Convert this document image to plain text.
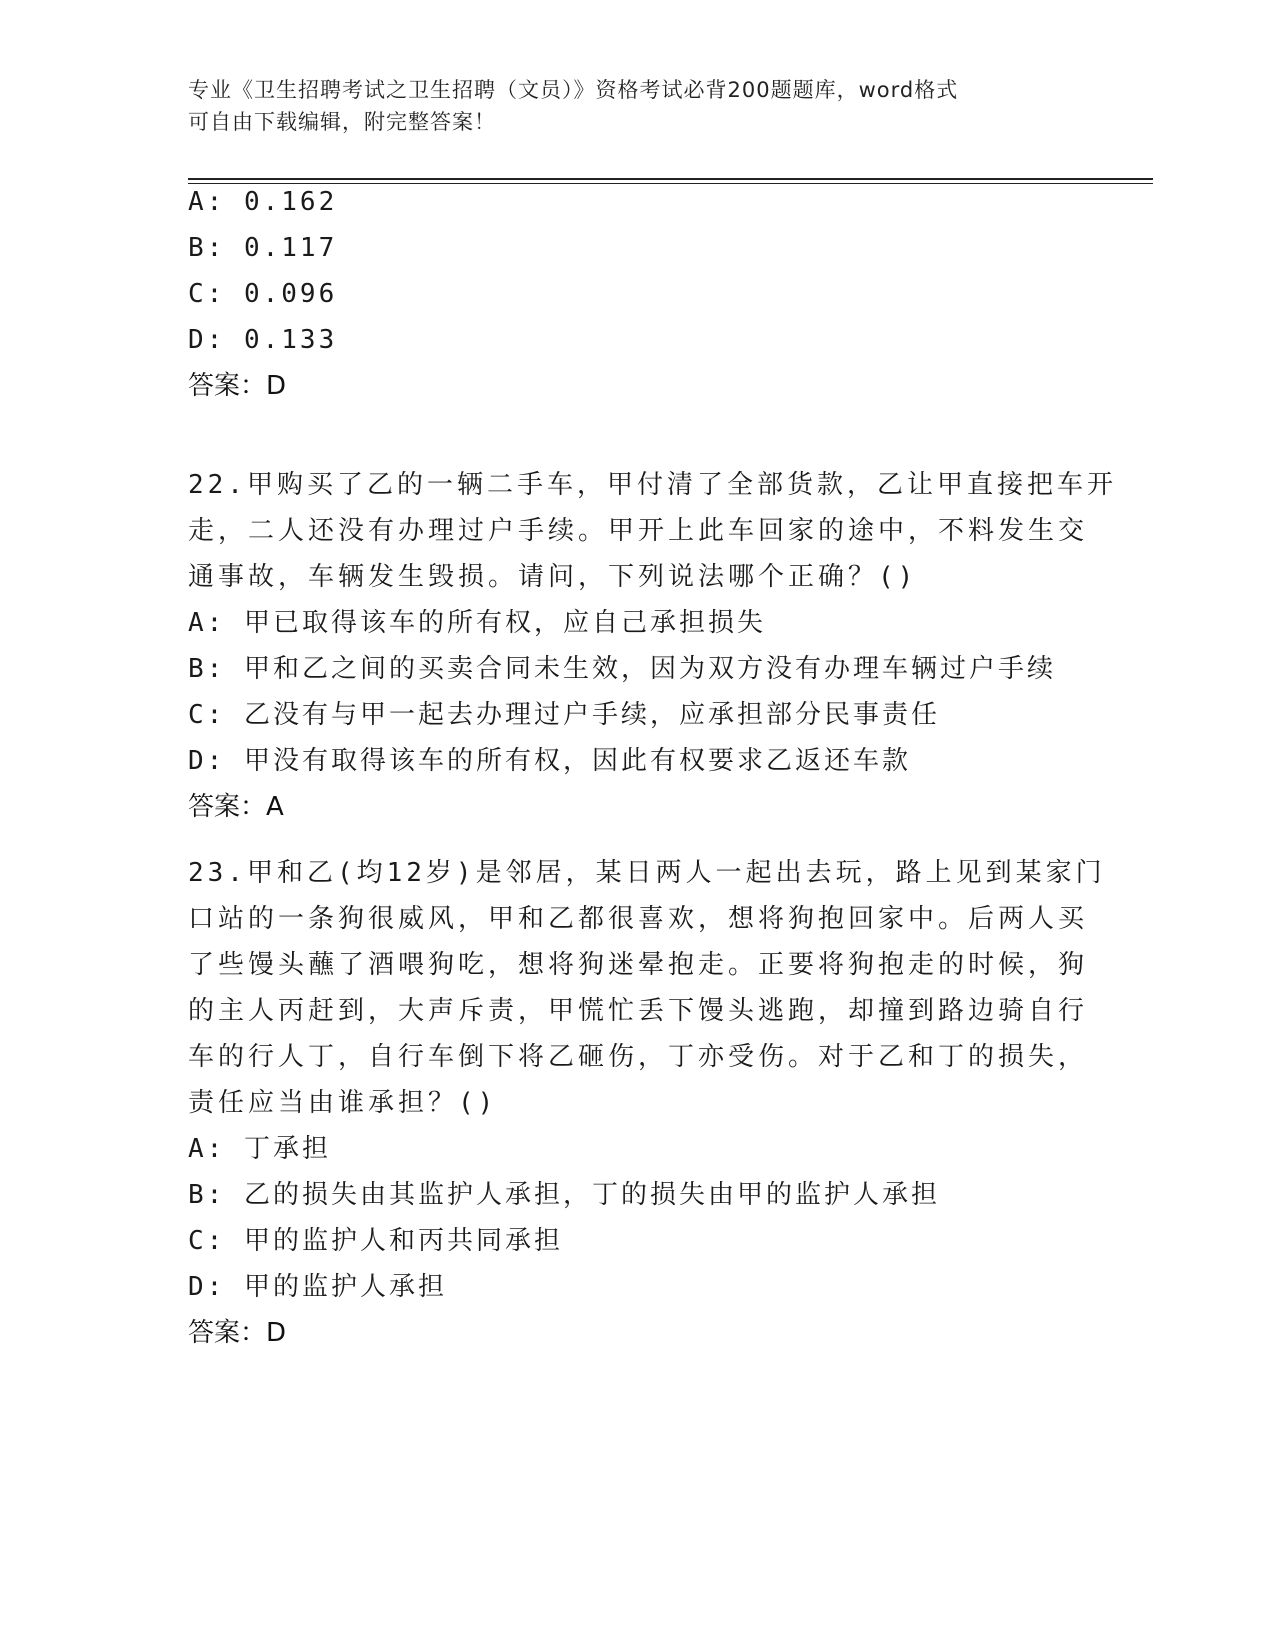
专业《卫生招聘考试之卫生招聘（文员）》资格考试必背200题题库，word格式
可自由下载编辑，附完整答案！
A: 0.162
B: 0.117
C: 0.096
D: 0.133
答案：D
22.甲购买了乙的一辆二手车，甲付清了全部货款，乙让甲直接把车开
走，二人还没有办理过户手续。甲开上此车回家的途中，不料发生交
通事故，车辆发生毁损。请问，下列说法哪个正确？()
A: 甲已取得该车的所有权，应自己承担损失
B: 甲和乙之间的买卖合同未生效，因为双方没有办理车辆过户手续
C: 乙没有与甲一起去办理过户手续，应承担部分民事责任
D: 甲没有取得该车的所有权，因此有权要求乙返还车款
答案：A
23.甲和乙(均12岁)是邻居，某日两人一起出去玩，路上见到某家门
口站的一条狗很威风，甲和乙都很喜欢，想将狗抱回家中。后两人买
了些馒头蘸了酒喂狗吃，想将狗迷晕抱走。正要将狗抱走的时候，狗
的主人丙赶到，大声斥责，甲慌忙丢下馒头逃跑，却撞到路边骑自行
车的行人丁，自行车倒下将乙砸伤，丁亦受伤。对于乙和丁的损失，
责任应当由谁承担？()
A: 丁承担
B: 乙的损失由其监护人承担，丁的损失由甲的监护人承担
C: 甲的监护人和丙共同承担
D: 甲的监护人承担
答案：D
